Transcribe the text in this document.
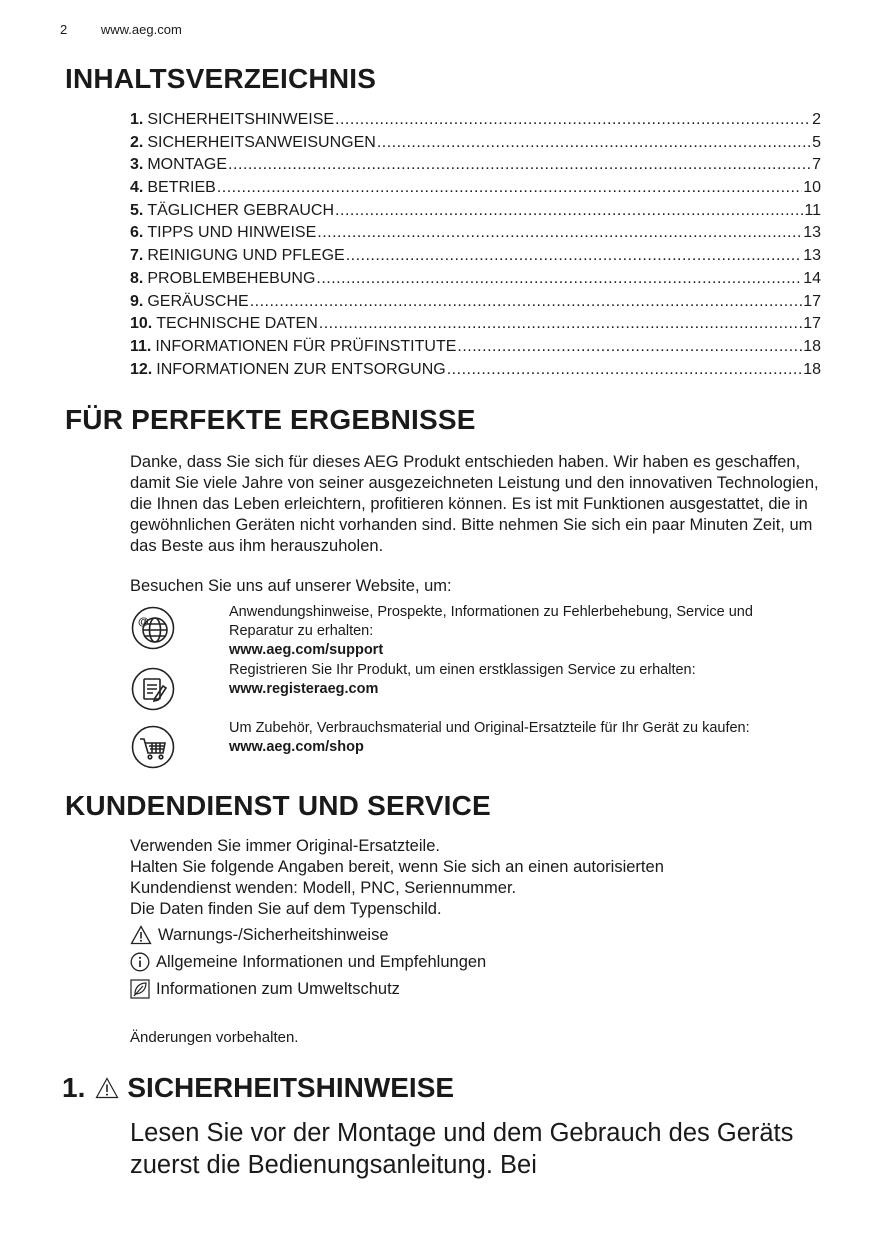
2	www.aeg.com
INHALTSVERZEICHNIS
1. SICHERHEITSHINWEISE .....	2
2. SICHERHEITSANWEISUNGEN .....	5
3. MONTAGE .....	7
4. BETRIEB .....	10
5. TÄGLICHER GEBRAUCH .....	11
6. TIPPS UND HINWEISE .....	13
7. REINIGUNG UND PFLEGE .....	13
8. PROBLEMBEHEBUNG .....	14
9. GERÄUSCHE .....	17
10. TECHNISCHE DATEN .....	17
11. INFORMATIONEN FÜR PRÜFINSTITUTE .....	18
12. INFORMATIONEN ZUR ENTSORGUNG .....	18
FÜR PERFEKTE ERGEBNISSE

Danke, dass Sie sich für dieses AEG Produkt entschieden haben. Wir haben es geschaffen, damit Sie viele Jahre von seiner ausgezeichneten Leistung und den innovativen Technologien, die Ihnen das Leben erleichtern, profitieren können. Es ist mit Funktionen ausgestattet, die in gewöhnlichen Geräten nicht vorhanden sind. Bitte nehmen Sie sich ein paar Minuten Zeit, um das Beste aus ihm herauszuholen.

Besuchen Sie uns auf unserer Website, um:
@
Anwendungshinweise, Prospekte, Informationen zu Fehlerbehebung, Service und Reparatur zu erhalten:
www.aeg.com/support
Registrieren Sie Ihr Produkt, um einen erstklassigen Service zu erhalten:
www.registeraeg.com
Um Zubehör, Verbrauchsmaterial und Original-Ersatzteile für Ihr Gerät zu kaufen:
www.aeg.com/shop
KUNDENDIENST UND SERVICE
Verwenden Sie immer Original-Ersatzteile.
Halten Sie folgende Angaben bereit, wenn Sie sich an einen autorisierten
Kundendienst wenden: Modell, PNC, Seriennummer.
Die Daten finden Sie auf dem Typenschild.
Warnungs-/Sicherheitshinweise
Allgemeine Informationen und Empfehlungen
Informationen zum Umweltschutz
Änderungen vorbehalten.
1. SICHERHEITSHINWEISE

Lesen Sie vor der Montage und dem Gebrauch des Geräts zuerst die Bedienungsanleitung. Bei
